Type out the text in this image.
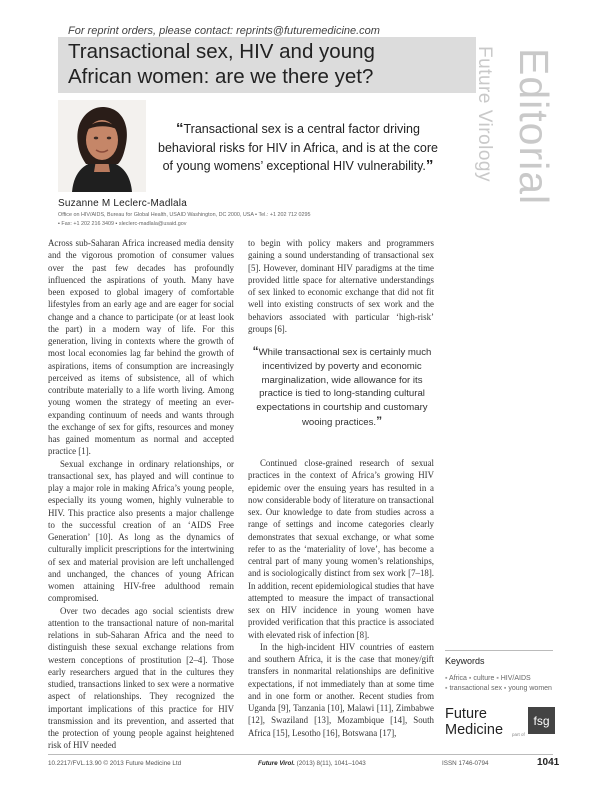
For reprint orders, please contact: reprints@futuremedicine.com
Transactional sex, HIV and young
African women: are we there yet?	Future Virology Editorial
“Transactional sex is a central factor driving
behavioral risks for HIV in Africa, and is at the core
of young womens’ exceptional HIV vulnerability.”
Suzanne M Leclerc-Madlala
Office on HIV/AIDS, Bureau for Global Health, USAID Washington, DC 2000, USA ▪ Tel.: +1 202 712 0295
▪ Fax: +1 202 216 3409 ▪ sleclerc-madlala@usaid.gov

Across sub-Saharan Africa increased media density and the vigorous promotion of consumer values over the past few decades has profoundly influenced the aspirations of youth. Many have been exposed to global imagery of comfortable lifestyles from an early age and are eager for social change and a chance to participate (or at least look the part) in a modern way of life. For this generation, living in contexts where the growth of most local economies lag far behind the growth of aspirations, items of consumption are increasingly perceived as items of subsistence, all of which contribute materially to a life worth living. Among young women the strategy of meeting an ever-expanding continuum of needs and wants through the exchange of sex for gifts, resources and money has gained momentum as normal and accepted practice [1].

Sexual exchange in ordinary relationships, or transactional sex, has played and will continue to play a major role in making Africa’s young people, especially its young women, highly vulnerable to HIV. This practice also presents a major challenge to the successful creation of an ‘AIDS Free Generation’ [10]. As long as the dynamics of culturally implicit prescriptions for the intertwining of sex and material provision are left unchallenged and unchanged, the chances of young African women attaining HIV-free adulthood remain compromised.

Over two decades ago social scientists drew attention to the transactional nature of non-marital relations in sub-Saharan Africa and the need to distinguish these sexual exchange relations from western conceptions of prostitution [2–4]. Those early researchers argued that in the cultures they studied, transactions linked to sex were a normative aspect of relationships. They recognized the important implications of this practice for HIV transmission and its prevention, and asserted that the protection of young people against heightened risk of HIV needed

to begin with policy makers and programmers gaining a sound understanding of transactional sex [5]. However, dominant HIV paradigms at the time provided little space for alternative understandings of sex linked to economic exchange that did not fit well into existing constructs of sex work and the behaviors associated with particular ‘high-risk’ groups [6].

“While transactional sex is certainly much incentivized by poverty and economic marginalization, wide allowance for its practice is tied to long-standing cultural expectations in courtship and customary wooing practices.”

Continued close-grained research of sexual practices in the context of Africa’s growing HIV epidemic over the ensuing years has resulted in a now considerable body of literature on transactional sex. Our knowledge to date from studies across a range of settings and income categories clearly demonstrates that sexual exchange, or what some refer to as the ‘materiality of love’, has become a central part of many young women’s relationships, and is sociologically distinct from sex work [7–18]. In addition, recent epidemiological studies that have attempted to measure the impact of transactional sex on HIV incidence in young women have provided verification that this practice is associated with elevated risk of infection [8].

In the high-incident HIV countries of eastern and southern Africa, it is the case that money/gift transfers in nonmarital relationships are definitive expectations, if not immediately than at some time and in one form or another. Recent studies from Uganda [9], Tanzania [10], Malawi [11], Zimbabwe [12], Swaziland [13], Mozambique [14], South Africa [15], Lesotho [16], Botswana [17],

Keywords
▪ Africa ▪ culture ▪ HIV/AIDS
▪ transactional sex ▪ young women
Future
Medicine part of
fsg
10.2217/FVL.13.90 © 2013 Future Medicine Ltd	Future Virol. (2013) 8(11), 1041–1043	ISSN 1746-0794	1041
